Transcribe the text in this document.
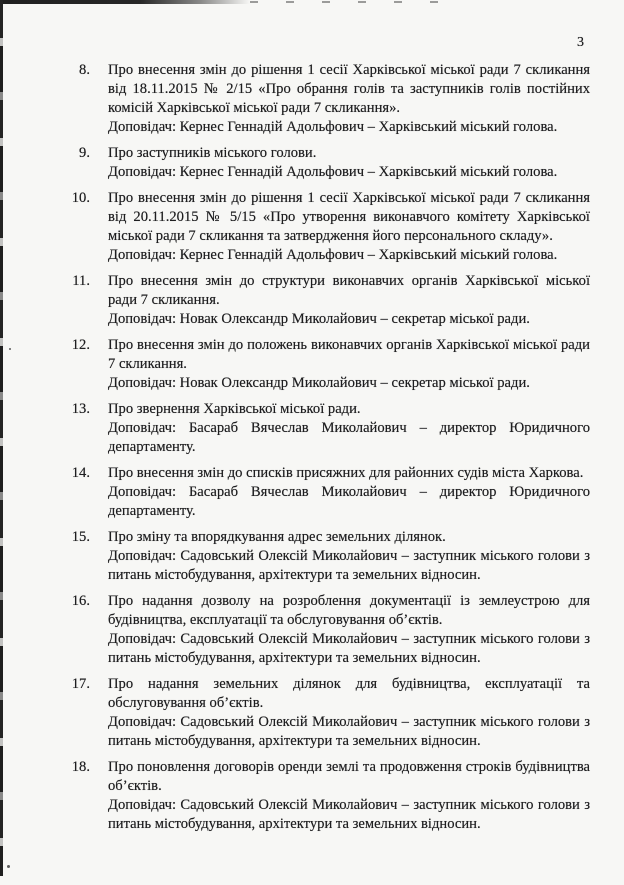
3
8. Про внесення змін до рішення 1 сесії Харківської міської ради 7 скликання від 18.11.2015 № 2/15 «Про обрання голів та заступників голів постійних комісій Харківської міської ради 7 скликання».

Доповідач: Кернес Геннадій Адольфович – Харківський міський голова.

9. Про заступників міського голови.

Доповідач: Кернес Геннадій Адольфович – Харківський міський голова.

10. Про внесення змін до рішення 1 сесії Харківської міської ради 7 скликання від 20.11.2015 № 5/15 «Про утворення виконавчого комітету Харківської міської ради 7 скликання та затвердження його персонального складу».

Доповідач: Кернес Геннадій Адольфович – Харківський міський голова.

11. Про внесення змін до структури виконавчих органів Харківської міської ради 7 скликання.

Доповідач: Новак Олександр Миколайович – секретар міської ради.

12. Про внесення змін до положень виконавчих органів Харківської міської ради 7 скликання.

Доповідач: Новак Олександр Миколайович – секретар міської ради.

13. Про звернення Харківської міської ради.

Доповідач: Басараб Вячеслав Миколайович – директор Юридичного департаменту.

14. Про внесення змін до списків присяжних для районних судів міста Харкова.

Доповідач: Басараб Вячеслав Миколайович – директор Юридичного департаменту.

15. Про зміну та впорядкування адрес земельних ділянок.

Доповідач: Садовський Олексій Миколайович – заступник міського голови з питань містобудування, архітектури та земельних відносин.

16. Про надання дозволу на розроблення документації із землеустрою для будівництва, експлуатації та обслуговування об’єктів.

Доповідач: Садовський Олексій Миколайович – заступник міського голови з питань містобудування, архітектури та земельних відносин.

17. Про надання земельних ділянок для будівництва, експлуатації та обслуговування об’єктів.

Доповідач: Садовський Олексій Миколайович – заступник міського голови з питань містобудування, архітектури та земельних відносин.

18. Про поновлення договорів оренди землі та продовження строків будівництва об’єктів.

Доповідач: Садовський Олексій Миколайович – заступник міського голови з питань містобудування, архітектури та земельних відносин.
